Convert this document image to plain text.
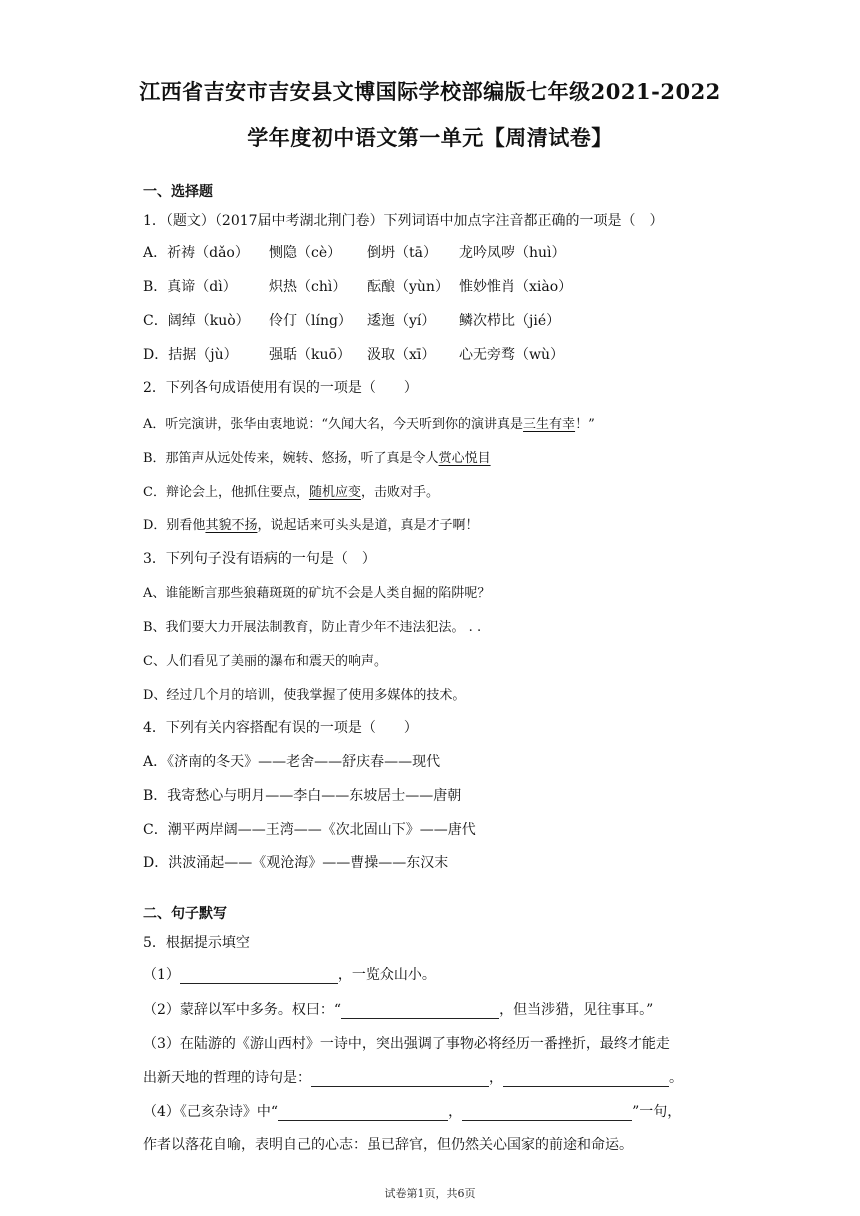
江西省吉安市吉安县文博国际学校部编版七年级2021-2022
学年度初中语文第一单元【周清试卷】
一、选择题
1．（题文）（2017届中考湖北荆门卷）下列词语中加点字注音都正确的一项是（　）
A．祈祷（dǎo） 恻隐（cè） 倒坍（tā） 龙吟凤哕（huì）
B．真谛（dì） 炽热（chì） 酝酿（yùn） 惟妙惟肖（xiào）
C．阔绰（kuò） 伶仃（líng） 逶迤（yí） 鳞次栉比（jié）
D．拮据（jù） 强聒（kuō） 汲取（xī） 心无旁骛（wù）
2．下列各句成语使用有误的一项是（　　）
A．听完演讲，张华由衷地说：“久闻大名，今天听到你的演讲真是三生有幸！”
B．那笛声从远处传来，婉转、悠扬，听了真是令人赏心悦目
C．辩论会上，他抓住要点，随机应变，击败对手。
D．别看他其貌不扬，说起话来可头头是道，真是才子啊！
3．下列句子没有语病的一句是（　）
A、谁能断言那些狼藉斑斑的矿坑不会是人类自掘的陷阱呢？
B、我们要大力开展法制教育，防止青少年不违法犯法。 . .
C、人们看见了美丽的瀑布和震天的响声。
D、经过几个月的培训，使我掌握了使用多媒体的技术。
4．下列有关内容搭配有误的一项是（　　）
A．《济南的冬天》——老舍——舒庆春——现代
B．我寄愁心与明月——李白——东坡居士——唐朝
C．潮平两岸阔——王湾——《次北固山下》——唐代
D．洪波涌起——《观沧海》——曹操——东汉末
二、句子默写
5．根据提示填空
（1）	，一览众山小。
（2）蒙辞以军中多务。权曰：“	，但当涉猎，见往事耳。”
（3）在陆游的《游山西村》一诗中，突出强调了事物必将经历一番挫折，最终才能走
出新天地的哲理的诗句是：	，	。
（4）《己亥杂诗》中“	，	”一句，
作者以落花自喻，表明自己的心志：虽已辞官，但仍然关心国家的前途和命运。
试卷第1页，共6页
